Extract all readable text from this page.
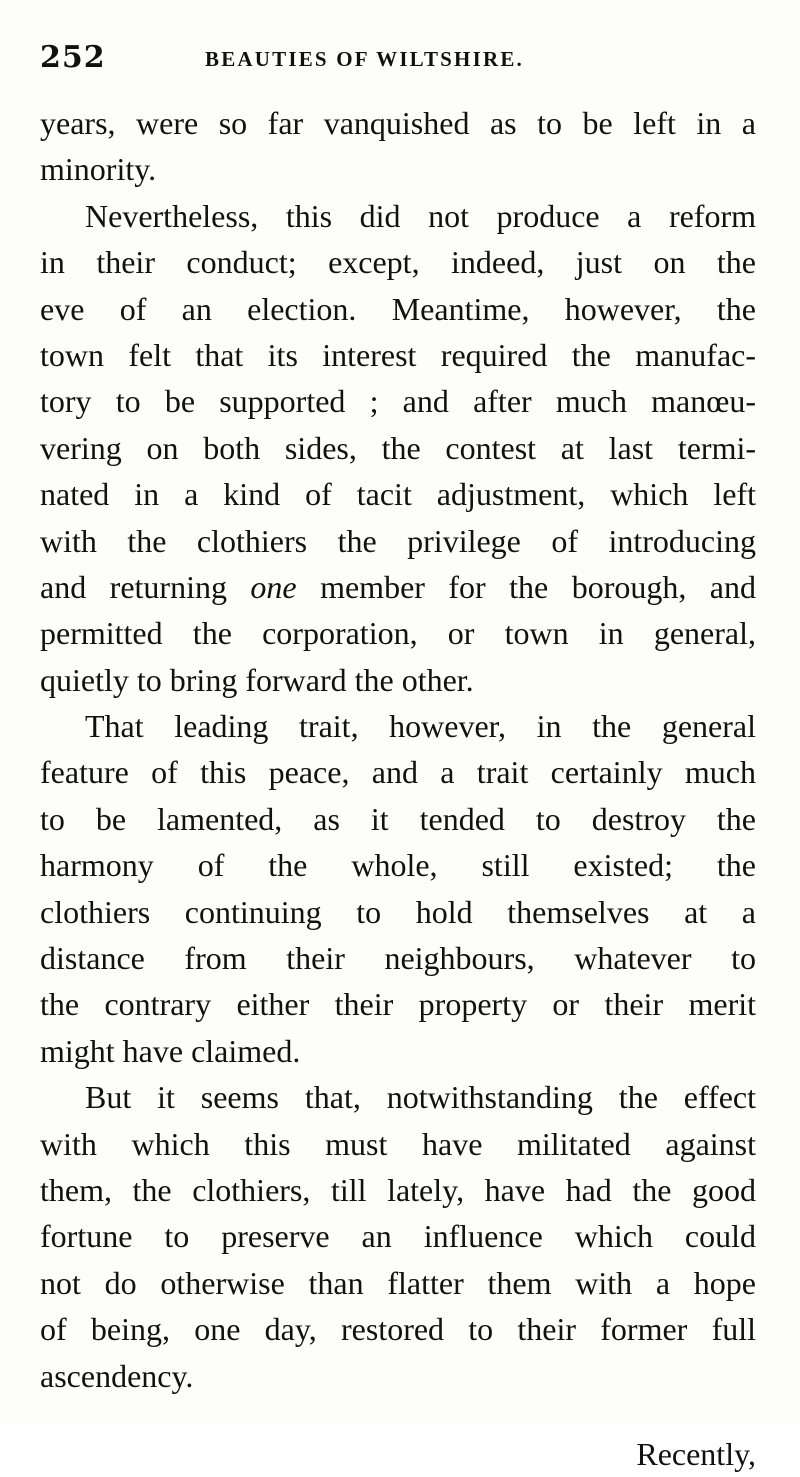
252	BEAUTIES OF WILTSHIRE.
years, were so far vanquished as to be left in a
minority.
Nevertheless, this did not produce a reform
in their conduct; except, indeed, just on the
eve of an election. Meantime, however, the
town felt that its interest required the manufac-
tory to be supported ; and after much manœu-
vering on both sides, the contest at last termi-
nated in a kind of tacit adjustment, which left
with the clothiers the privilege of introducing
and returning one member for the borough, and
permitted the corporation, or town in general,
quietly to bring forward the other.
That leading trait, however, in the general
feature of this peace, and a trait certainly much
to be lamented, as it tended to destroy the
harmony of the whole, still existed; the
clothiers continuing to hold themselves at a
distance from their neighbours, whatever to
the contrary either their property or their merit
might have claimed.
But it seems that, notwithstanding the effect
with which this must have militated against
them, the clothiers, till lately, have had the good
fortune to preserve an influence which could
not do otherwise than flatter them with a hope
of being, one day, restored to their former full
ascendency.
Recently,
